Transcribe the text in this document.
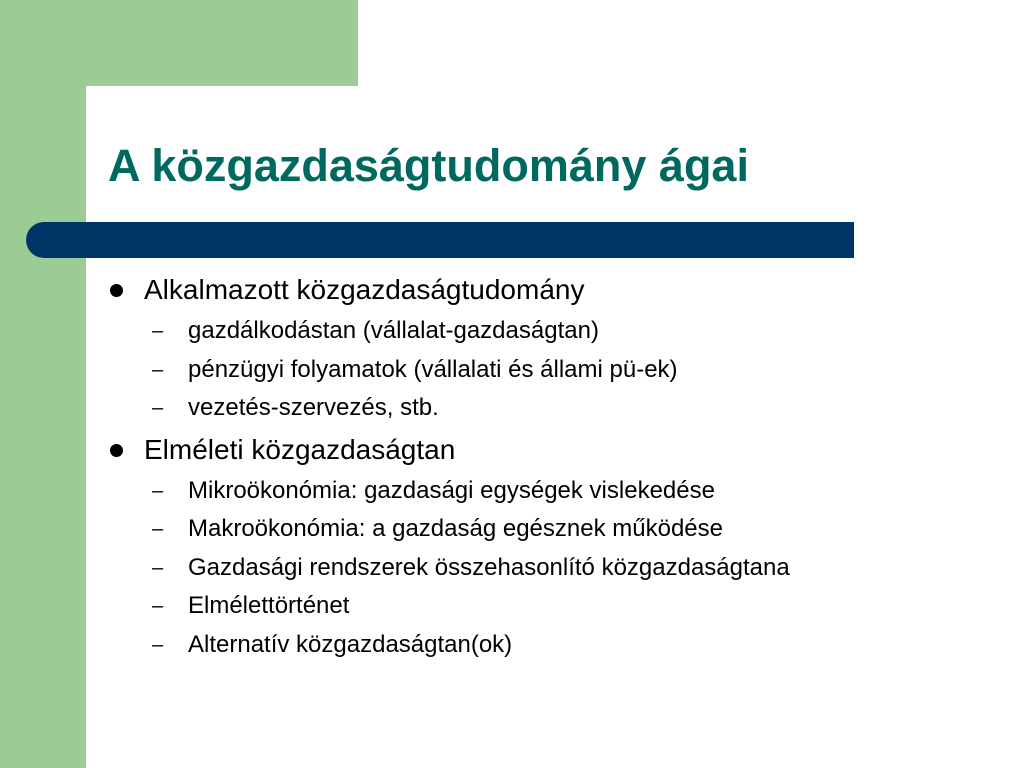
A közgazdaságtudomány ágai
Alkalmazott közgazdaságtudomány
– gazdálkodástan (vállalat-gazdaságtan)
– pénzügyi folyamatok (vállalati és állami pü-ek)
– vezetés-szervezés, stb.
Elméleti közgazdaságtan
– Mikroökonómia: gazdasági egységek vislekedése
– Makroökonómia: a gazdaság egésznek működése
– Gazdasági rendszerek összehasonlító közgazdaságtana
– Elmélettörténet
– Alternatív közgazdaságtan(ok)
